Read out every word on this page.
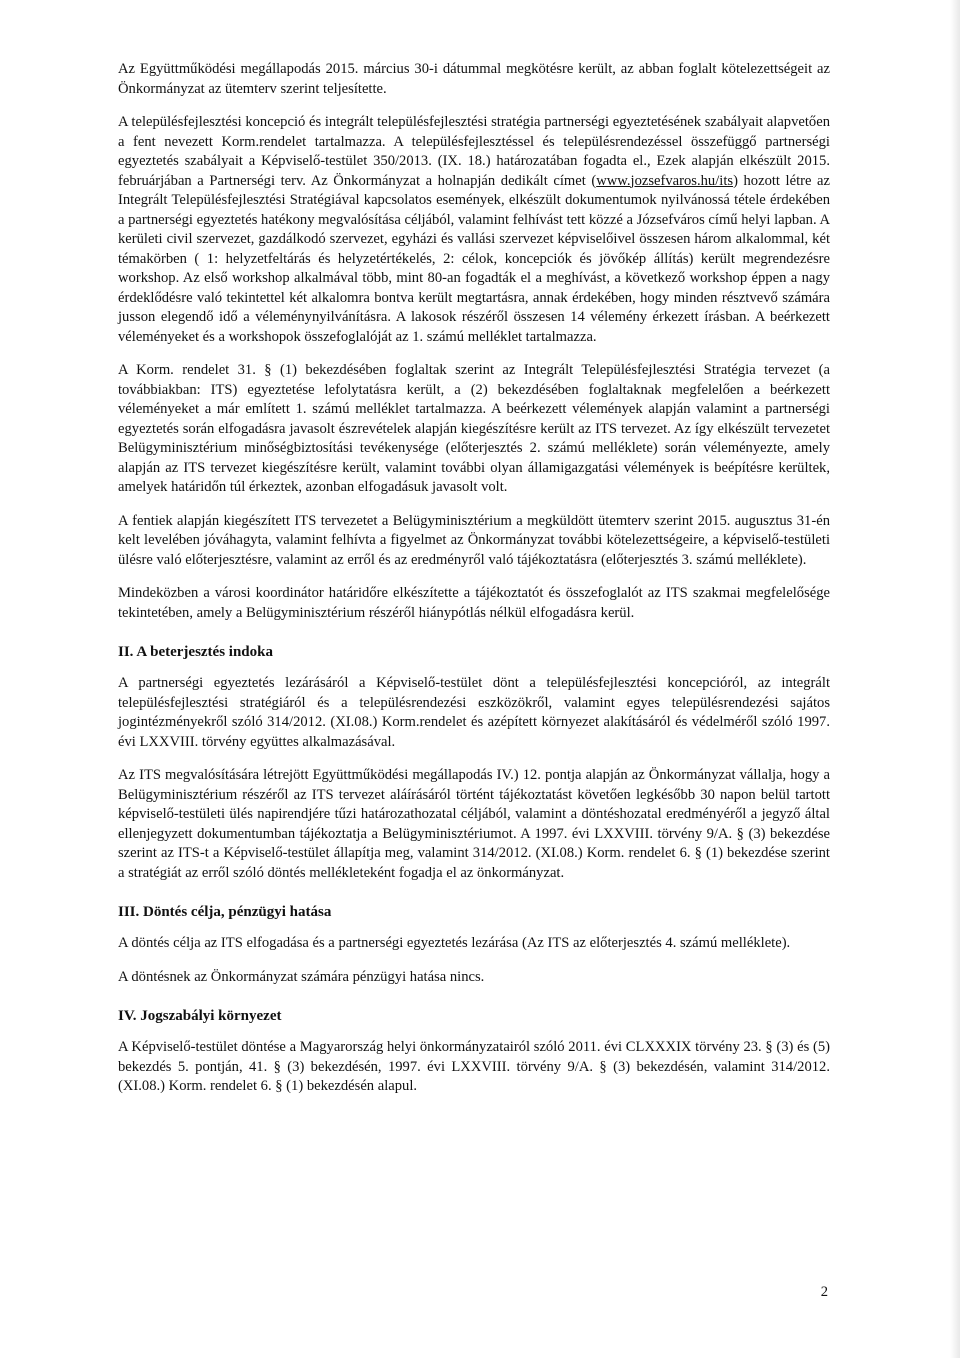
Az Együttműködési megállapodás 2015. március 30-i dátummal megkötésre került, az abban foglalt kötelezettségeit az Önkormányzat az ütemterv szerint teljesítette.

A településfejlesztési koncepció és integrált településfejlesztési stratégia partnerségi egyeztetésének szabályait alapvetően a fent nevezett Korm.rendelet tartalmazza. A településfejlesztéssel és településrendezéssel összefüggő partnerségi egyeztetés szabályait a Képviselő-testület 350/2013. (IX. 18.) határozatában fogadta el., Ezek alapján elkészült 2015. februárjában a Partnerségi terv. Az Önkormányzat a holnapján dedikált címet (www.jozsefvaros.hu/its) hozott létre az Integrált Településfejlesztési Stratégiával kapcsolatos események, elkészült dokumentumok nyilvánossá tétele érdekében a partnerségi egyeztetés hatékony megvalósítása céljából, valamint felhívást tett közzé a Józsefváros című helyi lapban. A kerületi civil szervezet, gazdálkodó szervezet, egyházi és vallási szervezet képviselőivel összesen három alkalommal, két témakörben ( 1: helyzetfeltárás és helyzetértékelés, 2: célok, koncepciók és jövőkép állítás) került megrendezésre workshop. Az első workshop alkalmával több, mint 80-an fogadták el a meghívást, a következő workshop éppen a nagy érdeklődésre való tekintettel két alkalomra bontva került megtartásra, annak érdekében, hogy minden résztvevő számára jusson elegendő idő a véleménynyilvánításra. A lakosok részéről összesen 14 vélemény érkezett írásban. A beérkezett véleményeket és a workshopok összefoglalóját az 1. számú melléklet tartalmazza.

A Korm. rendelet 31. § (1) bekezdésében foglaltak szerint az Integrált Településfejlesztési Stratégia tervezet (a továbbiakban: ITS) egyeztetése lefolytatásra került, a (2) bekezdésében foglaltaknak megfelelően a beérkezett véleményeket a már említett 1. számú melléklet tartalmazza. A beérkezett vélemények alapján valamint a partnerségi egyeztetés során elfogadásra javasolt észrevételek alapján kiegészítésre került az ITS tervezet. Az így elkészült tervezetet Belügyminisztérium minőségbiztosítási tevékenysége (előterjesztés 2. számú melléklete) során véleményezte, amely alapján az ITS tervezet kiegészítésre került, valamint további olyan államigazgatási vélemények is beépítésre kerültek, amelyek határidőn túl érkeztek, azonban elfogadásuk javasolt volt.

A fentiek alapján kiegészített ITS tervezetet a Belügyminisztérium a megküldött ütemterv szerint 2015. augusztus 31-én kelt levelében jóváhagyta, valamint felhívta a figyelmet az Önkormányzat további kötelezettségeire, a képviselő-testületi ülésre való előterjesztésre, valamint az erről és az eredményről való tájékoztatásra (előterjesztés 3. számú melléklete).

Mindeközben a városi koordinátor határidőre elkészítette a tájékoztatót és összefoglalót az ITS szakmai megfelelősége tekintetében, amely a Belügyminisztérium részéről hiánypótlás nélkül elfogadásra kerül.

II. A beterjesztés indoka

A partnerségi egyeztetés lezárásáról a Képviselő-testület dönt a településfejlesztési koncepcióról, az integrált településfejlesztési stratégiáról és a településrendezési eszközökről, valamint egyes településrendezési sajátos jogintézményekről szóló 314/2012. (XI.08.) Korm.rendelet és azépített környezet alakításáról és védelméről szóló 1997. évi LXXVIII. törvény együttes alkalmazásával.

Az ITS megvalósítására létrejött Együttműködési megállapodás IV.) 12. pontja alapján az Önkormányzat vállalja, hogy a Belügyminisztérium részéről az ITS tervezet aláírásáról történt tájékoztatást követően legkésőbb 30 napon belül tartott képviselő-testületi ülés napirendjére tűzi határozathozatal céljából, valamint a döntéshozatal eredményéről a jegyző által ellenjegyzett dokumentumban tájékoztatja a Belügyminisztériumot. A 1997. évi LXXVIII. törvény 9/A. § (3) bekezdése szerint az ITS-t a Képviselő-testület állapítja meg, valamint 314/2012. (XI.08.) Korm. rendelet 6. § (1) bekezdése szerint a stratégiát az erről szóló döntés mellékleteként fogadja el az önkormányzat.

III. Döntés célja, pénzügyi hatása

A döntés célja az ITS elfogadása és a partnerségi egyeztetés lezárása (Az ITS az előterjesztés 4. számú melléklete).

A döntésnek az Önkormányzat számára pénzügyi hatása nincs.

IV. Jogszabályi környezet

A Képviselő-testület döntése a Magyarország helyi önkormányzatairól szóló 2011. évi CLXXXIX törvény 23. § (3) és (5) bekezdés 5. pontján, 41. § (3) bekezdésén, 1997. évi LXXVIII. törvény 9/A. § (3) bekezdésén, valamint 314/2012. (XI.08.) Korm. rendelet 6. § (1) bekezdésén alapul.

2
